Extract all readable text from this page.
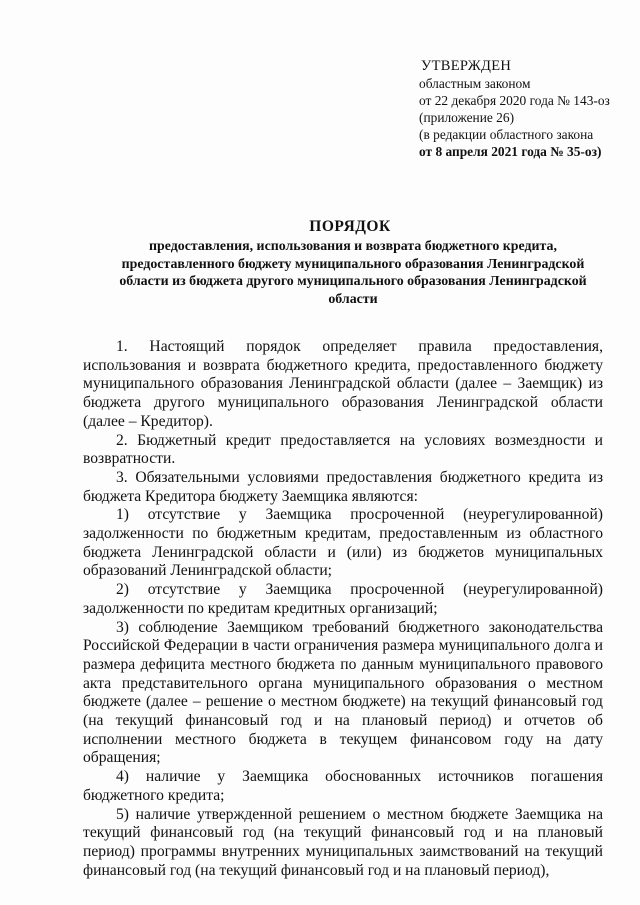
УТВЕРЖДЕН
областным законом
от 22 декабря 2020 года № 143-оз
(приложение 26)
(в редакции областного закона
от 8 апреля 2021 года № 35-оз)
ПОРЯДОК
предоставления, использования и возврата бюджетного кредита, предоставленного бюджету муниципального образования Ленинградской области из бюджета другого муниципального образования Ленинградской области

1. Настоящий порядок определяет правила предоставления, использования и возврата бюджетного кредита, предоставленного бюджету муниципального образования Ленинградской области (далее – Заемщик) из бюджета другого муниципального образования Ленинградской области (далее – Кредитор).

2. Бюджетный кредит предоставляется на условиях возмездности и возвратности.

3. Обязательными условиями предоставления бюджетного кредита из бюджета Кредитора бюджету Заемщика являются:

1) отсутствие у Заемщика просроченной (неурегулированной) задолженности по бюджетным кредитам, предоставленным из областного бюджета Ленинградской области и (или) из бюджетов муниципальных образований Ленинградской области;

2) отсутствие у Заемщика просроченной (неурегулированной) задолженности по кредитам кредитных организаций;

3) соблюдение Заемщиком требований бюджетного законодательства Российской Федерации в части ограничения размера муниципального долга и размера дефицита местного бюджета по данным муниципального правового акта представительного органа муниципального образования о местном бюджете (далее – решение о местном бюджете) на текущий финансовый год (на текущий финансовый год и на плановый период) и отчетов об исполнении местного бюджета в текущем финансовом году на дату обращения;

4) наличие у Заемщика обоснованных источников погашения бюджетного кредита;

5) наличие утвержденной решением о местном бюджете Заемщика на текущий финансовый год (на текущий финансовый год и на плановый период) программы внутренних муниципальных заимствований на текущий финансовый год (на текущий финансовый год и на плановый период),
